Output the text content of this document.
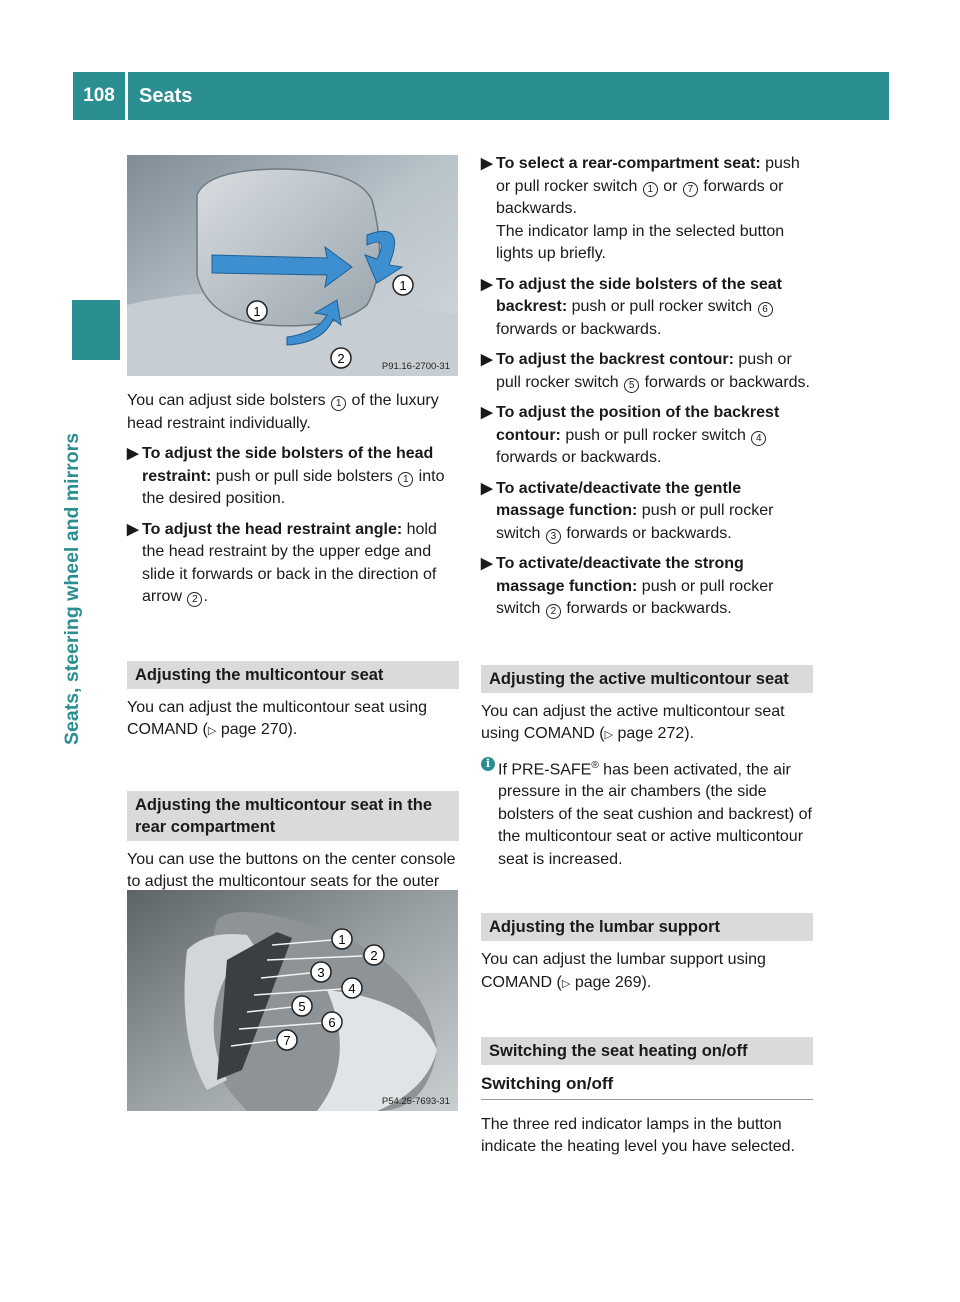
108	Seats
Seats, steering wheel and mirrors
1
1
2
P91.16-2700-31

You can adjust side bolsters 1 of the luxury head restraint individually.

▶ To adjust the side bolsters of the head restraint: push or pull side bolsters 1 into the desired position.
▶ To adjust the head restraint angle: hold the head restraint by the upper edge and slide it forwards or back in the direction of arrow 2 .
Adjusting the multicontour seat

You can adjust the multicontour seat using COMAND (▷ page 270).

Adjusting the multicontour seat in the rear compartment

You can use the buttons on the center console to adjust the multicontour seats for the outer

1
2
3
4
5
6
7
P54.25-7693-31
▶ To select a rear-compartment seat: push or pull rocker switch 1 or 7 forwards or backwards.
The indicator lamp in the selected button lights up briefly.
▶ To adjust the side bolsters of the seat backrest: push or pull rocker switch 6 forwards or backwards.
▶ To adjust the backrest contour: push or pull rocker switch 5 forwards or backwards.
▶ To adjust the position of the backrest contour: push or pull rocker switch 4 forwards or backwards.
▶ To activate/deactivate the gentle massage function: push or pull rocker switch 3 forwards or backwards.
▶ To activate/deactivate the strong massage function: push or pull rocker switch 2 forwards or backwards.
Adjusting the active multicontour seat

You can adjust the active multicontour seat using COMAND (▷ page 272).

i If PRE-SAFE® has been activated, the air pressure in the air chambers (the side bolsters of the seat cushion and backrest) of the multicontour seat or active multicontour seat is increased.
Adjusting the lumbar support

You can adjust the lumbar support using COMAND (▷ page 269).

Switching the seat heating on/off
Switching on/off

The three red indicator lamps in the button indicate the heating level you have selected.
